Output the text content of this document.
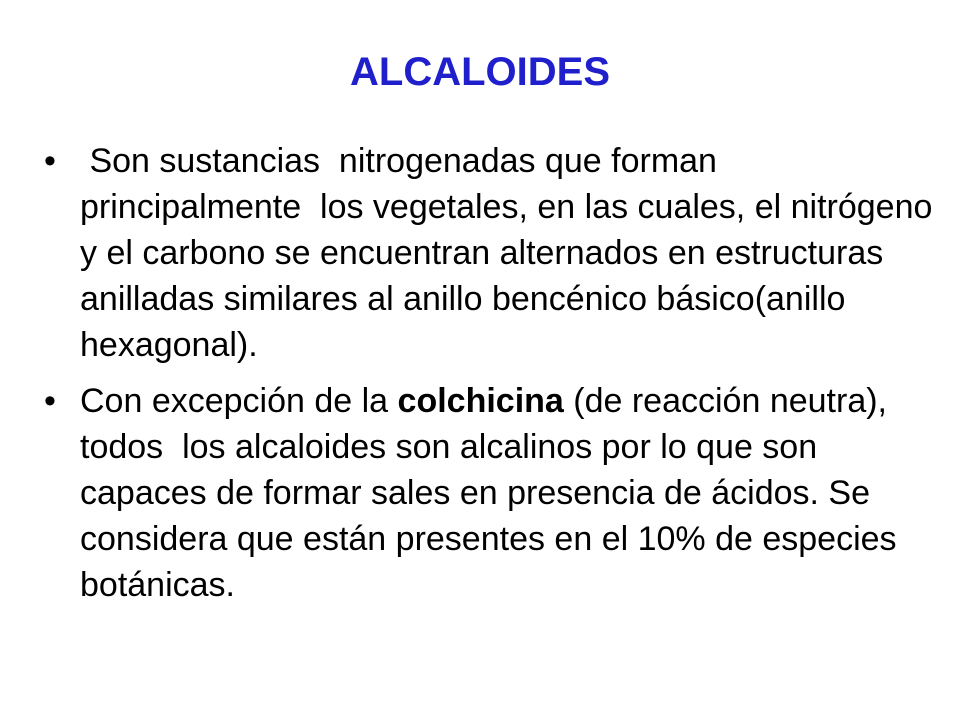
ALCALOIDES
• Son sustancias  nitrogenadas que forman principalmente  los vegetales, en las cuales, el nitrógeno y el carbono se encuentran alternados en estructuras anilladas similares al anillo bencénico básico(anillo hexagonal).
• Con excepción de la colchicina (de reacción neutra), todos  los alcaloides son alcalinos por lo que son capaces de formar sales en presencia de ácidos. Se considera que están presentes en el 10% de especies botánicas.
